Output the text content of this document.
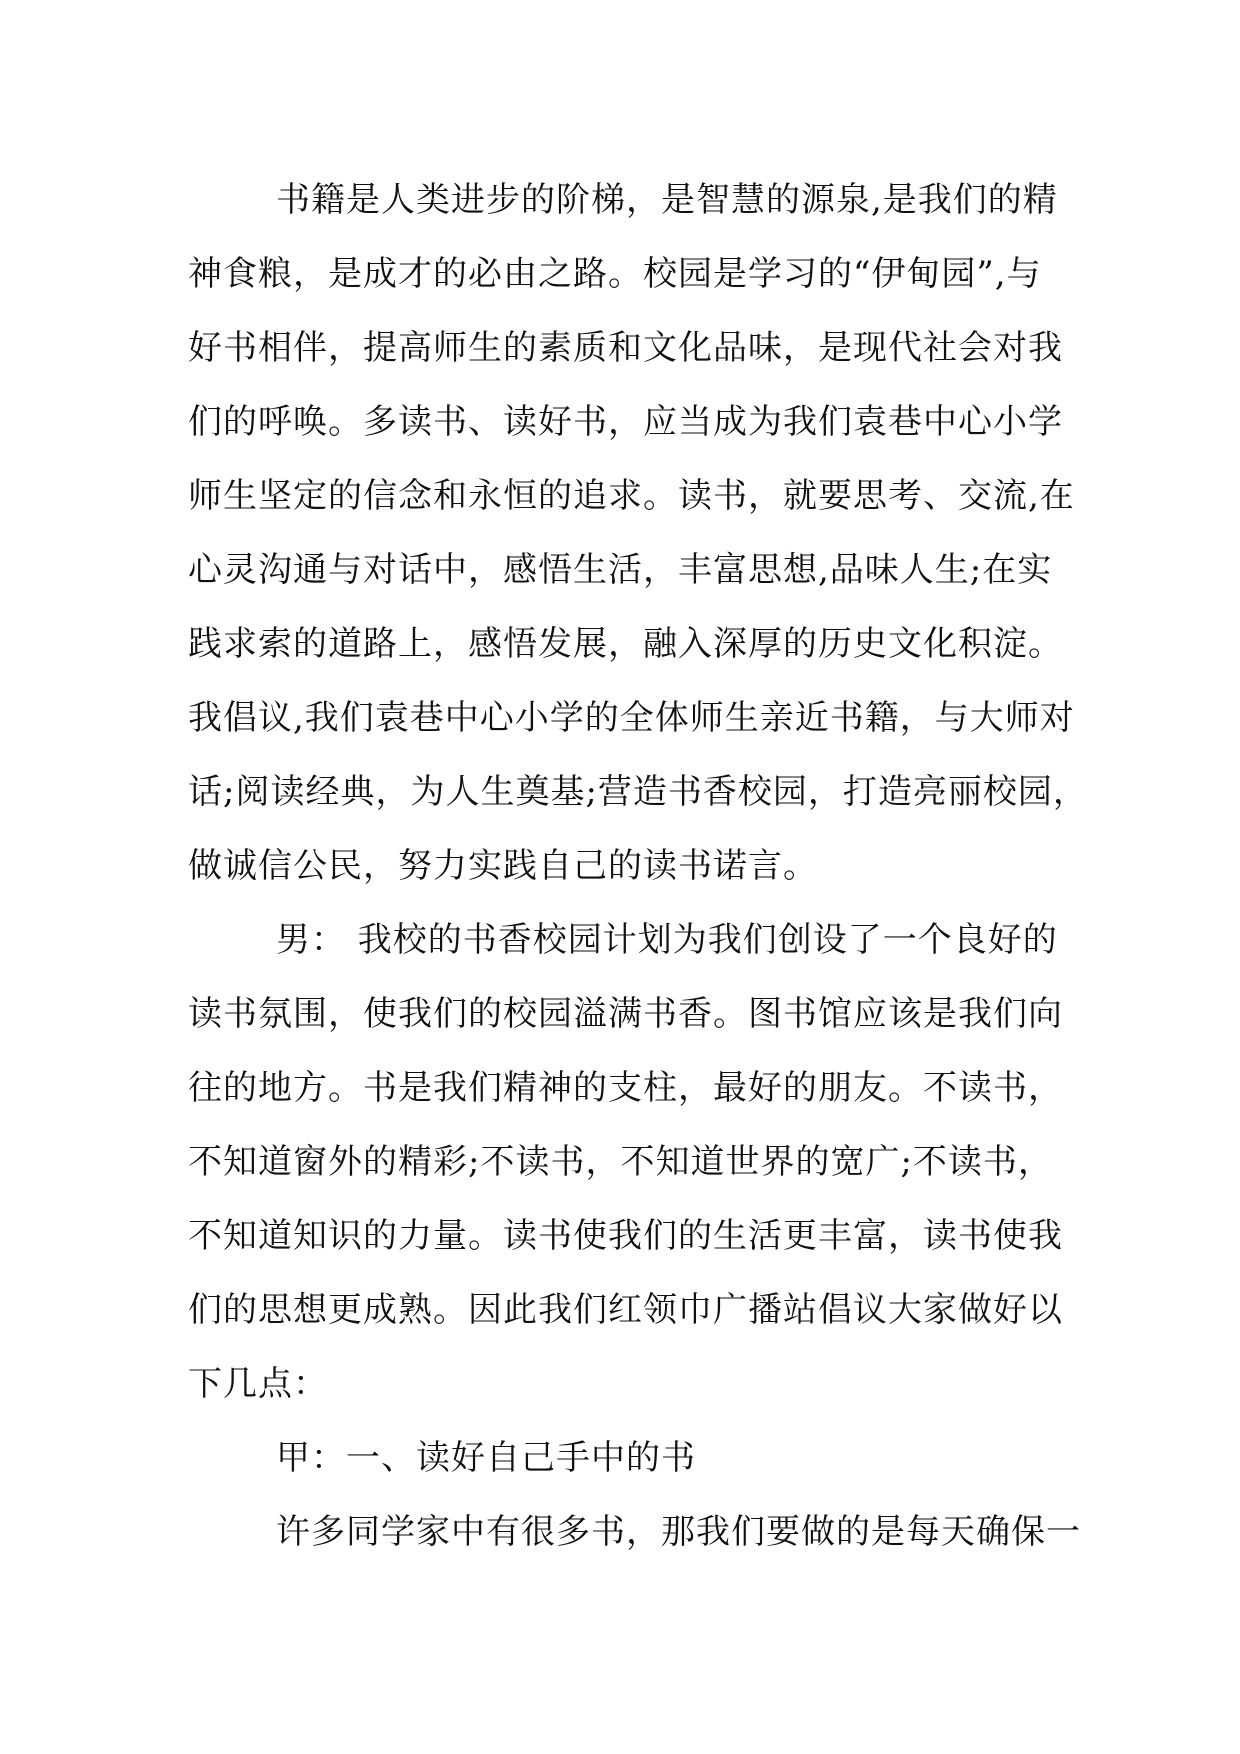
书籍是人类进步的阶梯，是智慧的源泉,是我们的精
神食粮，是成才的必由之路。校园是学习的“伊甸园”,与
好书相伴，提高师生的素质和文化品味，是现代社会对我
们的呼唤。多读书、读好书，应当成为我们袁巷中心小学
师生坚定的信念和永恒的追求。读书，就要思考、交流,在
心灵沟通与对话中，感悟生活，丰富思想,品味人生;在实
践求索的道路上，感悟发展，融入深厚的历史文化积淀。
我倡议,我们袁巷中心小学的全体师生亲近书籍，与大师对
话;阅读经典，为人生奠基;营造书香校园，打造亮丽校园，
做诚信公民，努力实践自己的读书诺言。
男： 我校的书香校园计划为我们创设了一个良好的
读书氛围，使我们的校园溢满书香。图书馆应该是我们向
往的地方。书是我们精神的支柱，最好的朋友。不读书，
不知道窗外的精彩;不读书，不知道世界的宽广;不读书，
不知道知识的力量。读书使我们的生活更丰富，读书使我
们的思想更成熟。因此我们红领巾广播站倡议大家做好以
下几点：
甲：一、读好自己手中的书
许多同学家中有很多书，那我们要做的是每天确保一
